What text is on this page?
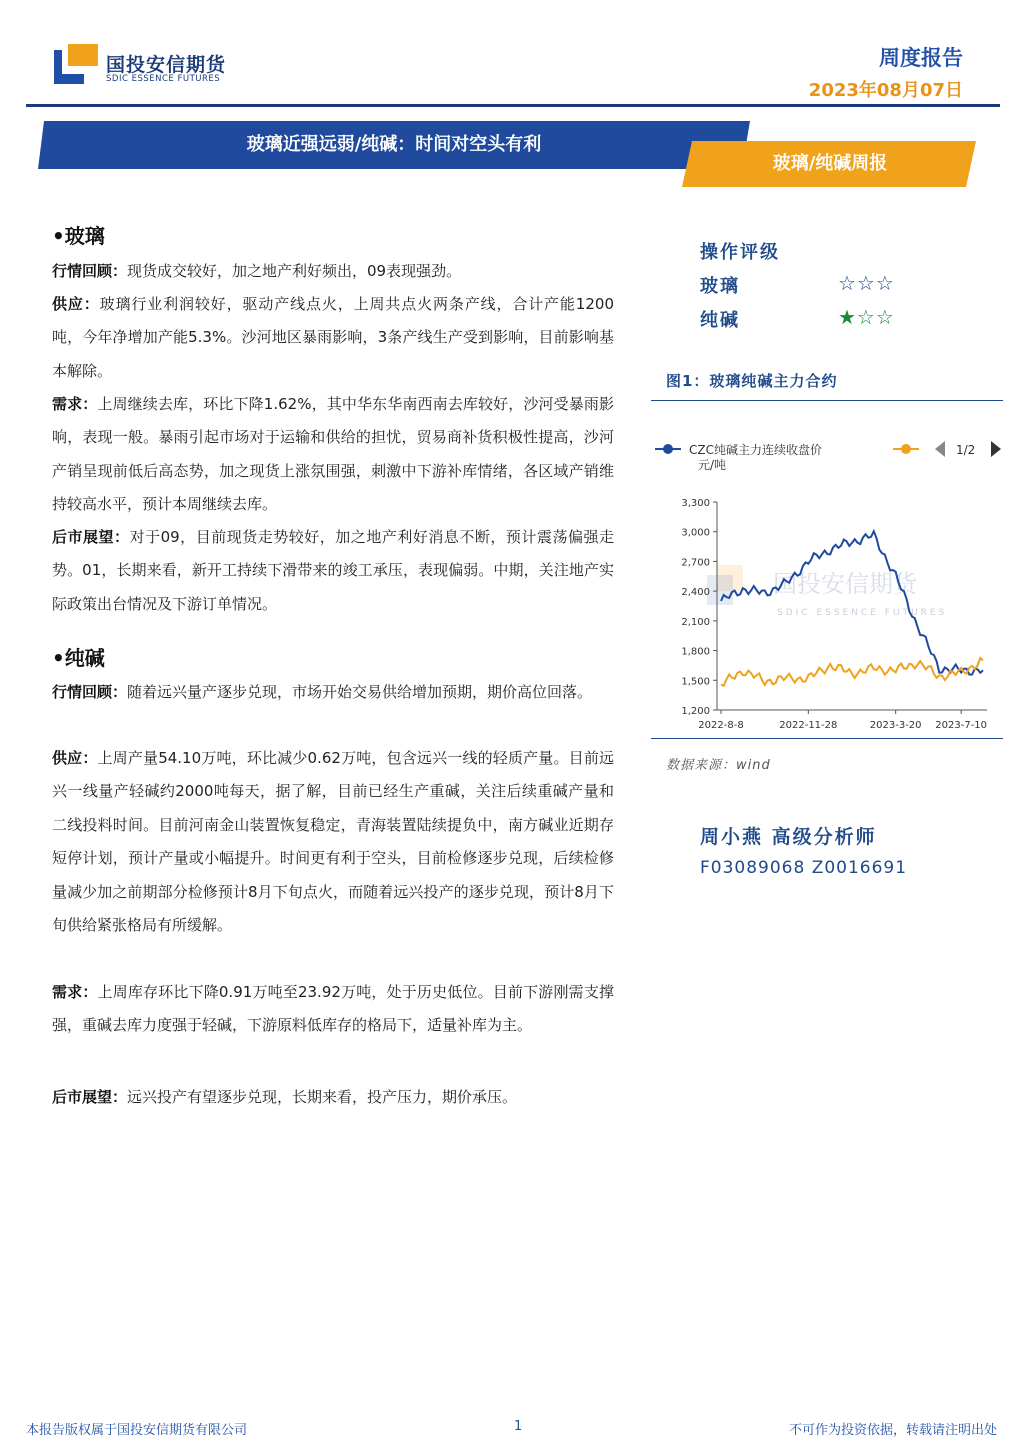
国投安信期货
SDIC ESSENCE FUTURES
周度报告
2023年08月07日
玻璃近强远弱/纯碱：时间对空头有利
玻璃/纯碱周报
•玻璃
行情回顾：现货成交较好，加之地产利好频出，09表现强劲。
供应：玻璃行业利润较好，驱动产线点火，上周共点火两条产线，合计产能1200吨，今年净增加产能5.3%。沙河地区暴雨影响，3条产线生产受到影响，目前影响基本解除。
需求：上周继续去库，环比下降1.62%，其中华东华南西南去库较好，沙河受暴雨影响，表现一般。暴雨引起市场对于运输和供给的担忧，贸易商补货积极性提高，沙河产销呈现前低后高态势，加之现货上涨氛围强，刺激中下游补库情绪，各区域产销维持较高水平，预计本周继续去库。
后市展望：对于09，目前现货走势较好，加之地产利好消息不断，预计震荡偏强走势。01，长期来看，新开工持续下滑带来的竣工承压，表现偏弱。中期，关注地产实际政策出台情况及下游订单情况。
•纯碱
行情回顾：随着远兴量产逐步兑现，市场开始交易供给增加预期，期价高位回落。
供应：上周产量54.10万吨，环比减少0.62万吨，包含远兴一线的轻质产量。目前远兴一线量产轻碱约2000吨每天，据了解，目前已经生产重碱，关注后续重碱产量和二线投料时间。目前河南金山装置恢复稳定，青海装置陆续提负中，南方碱业近期存短停计划，预计产量或小幅提升。时间更有利于空头，目前检修逐步兑现，后续检修量减少加之前期部分检修预计8月下旬点火，而随着远兴投产的逐步兑现，预计8月下旬供给紧张格局有所缓解。
需求：上周库存环比下降0.91万吨至23.92万吨，处于历史低位。目前下游刚需支撑强，重碱去库力度强于轻碱，下游原料低库存的格局下，适量补库为主。
后市展望：远兴投产有望逐步兑现，长期来看，投产压力，期价承压。
操作评级
玻璃	☆☆☆
纯碱	★☆☆
图1：玻璃纯碱主力合约
CZC纯碱主力连续收盘价
元/吨
1/2
国投安信期货
SDIC ESSENCE FUTURES
3,300
3,000
2,700
2,400
2,100
1,800
1,500
1,200
2022-8-8	2022-11-28	2023-3-20 2023-7-10
数据来源：wind
周小燕 高级分析师
F03089068 Z0016691
本报告版权属于国投安信期货有限公司	1	不可作为投资依据，转载请注明出处
